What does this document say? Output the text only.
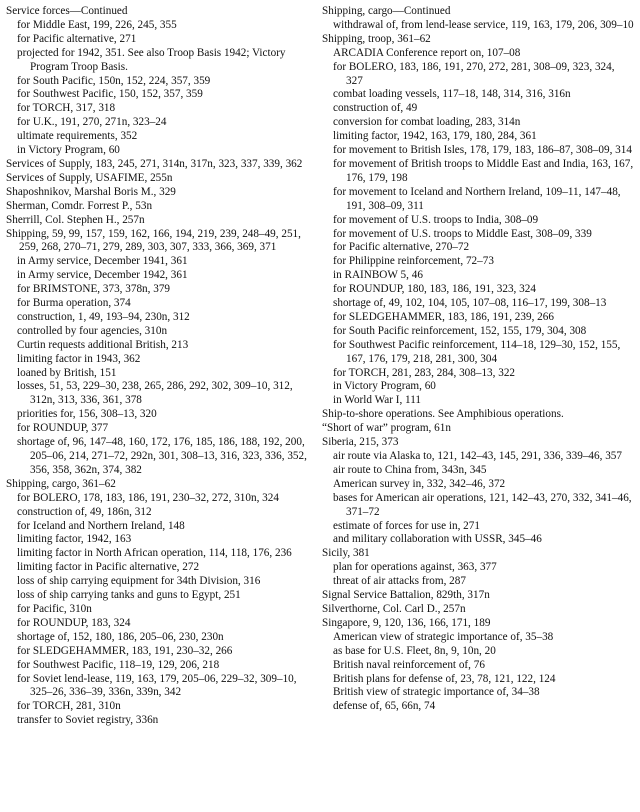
Service forces—Continued

for Middle East, 199, 226, 245, 355

for Pacific alternative, 271

projected for 1942, 351. See also Troop Basis 1942; Victory Program Troop Basis.

for South Pacific, 150n, 152, 224, 357, 359

for Southwest Pacific, 150, 152, 357, 359

for TORCH, 317, 318

for U.K., 191, 270, 271n, 323–24

ultimate requirements, 352

in Victory Program, 60

Services of Supply, 183, 245, 271, 314n, 317n, 323, 337, 339, 362

Services of Supply, USAFIME, 255n

Shaposhnikov, Marshal Boris M., 329

Sherman, Comdr. Forrest P., 53n

Sherrill, Col. Stephen H., 257n

Shipping, 59, 99, 157, 159, 162, 166, 194, 219, 239, 248–49, 251, 259, 268, 270–71, 279, 289, 303, 307, 333, 366, 369, 371

in Army service, December 1941, 361

in Army service, December 1942, 361

for BRIMSTONE, 373, 378n, 379

for Burma operation, 374

construction, 1, 49, 193–94, 230n, 312

controlled by four agencies, 310n

Curtin requests additional British, 213

limiting factor in 1943, 362

loaned by British, 151

losses, 51, 53, 229–30, 238, 265, 286, 292, 302, 309–10, 312, 312n, 313, 336, 361, 378

priorities for, 156, 308–13, 320

for ROUNDUP, 377

shortage of, 96, 147–48, 160, 172, 176, 185, 186, 188, 192, 200, 205–06, 214, 271–72, 292n, 301, 308–13, 316, 323, 336, 352, 356, 358, 362n, 374, 382

Shipping, cargo, 361–62

for BOLERO, 178, 183, 186, 191, 230–32, 272, 310n, 324

construction of, 49, 186n, 312

for Iceland and Northern Ireland, 148

limiting factor, 1942, 163

limiting factor in North African operation, 114, 118, 176, 236

limiting factor in Pacific alternative, 272

loss of ship carrying equipment for 34th Division, 316

loss of ship carrying tanks and guns to Egypt, 251

for Pacific, 310n

for ROUNDUP, 183, 324

shortage of, 152, 180, 186, 205–06, 230, 230n

for SLEDGEHAMMER, 183, 191, 230–32, 266

for Southwest Pacific, 118–19, 129, 206, 218

for Soviet lend-lease, 119, 163, 179, 205–06, 229–32, 309–10, 325–26, 336–39, 336n, 339n, 342

for TORCH, 281, 310n

transfer to Soviet registry, 336n

Shipping, cargo—Continued

withdrawal of, from lend-lease service, 119, 163, 179, 206, 309–10

Shipping, troop, 361–62

ARCADIA Conference report on, 107–08

for BOLERO, 183, 186, 191, 270, 272, 281, 308–09, 323, 324, 327

combat loading vessels, 117–18, 148, 314, 316, 316n

construction of, 49

conversion for combat loading, 283, 314n

limiting factor, 1942, 163, 179, 180, 284, 361

for movement to British Isles, 178, 179, 183, 186–87, 308–09, 314

for movement of British troops to Middle East and India, 163, 167, 176, 179, 198

for movement to Iceland and Northern Ireland, 109–11, 147–48, 191, 308–09, 311

for movement of U.S. troops to India, 308–09

for movement of U.S. troops to Middle East, 308–09, 339

for Pacific alternative, 270–72

for Philippine reinforcement, 72–73

in RAINBOW 5, 46

for ROUNDUP, 180, 183, 186, 191, 323, 324

shortage of, 49, 102, 104, 105, 107–08, 116–17, 199, 308–13

for SLEDGEHAMMER, 183, 186, 191, 239, 266

for South Pacific reinforcement, 152, 155, 179, 304, 308

for Southwest Pacific reinforcement, 114–18, 129–30, 152, 155, 167, 176, 179, 218, 281, 300, 304

for TORCH, 281, 283, 284, 308–13, 322

in Victory Program, 60

in World War I, 111

Ship-to-shore operations. See Amphibious operations.

“Short of war” program, 61n

Siberia, 215, 373

air route via Alaska to, 121, 142–43, 145, 291, 336, 339–46, 357

air route to China from, 343n, 345

American survey in, 332, 342–46, 372

bases for American air operations, 121, 142–43, 270, 332, 341–46, 371–72

estimate of forces for use in, 271

and military collaboration with USSR, 345–46

Sicily, 381

plan for operations against, 363, 377

threat of air attacks from, 287

Signal Service Battalion, 829th, 317n

Silverthorne, Col. Carl D., 257n

Singapore, 9, 120, 136, 166, 171, 189

American view of strategic importance of, 35–38

as base for U.S. Fleet, 8n, 9, 10n, 20

British naval reinforcement of, 76

British plans for defense of, 23, 78, 121, 122, 124

British view of strategic importance of, 34–38

defense of, 65, 66n, 74
